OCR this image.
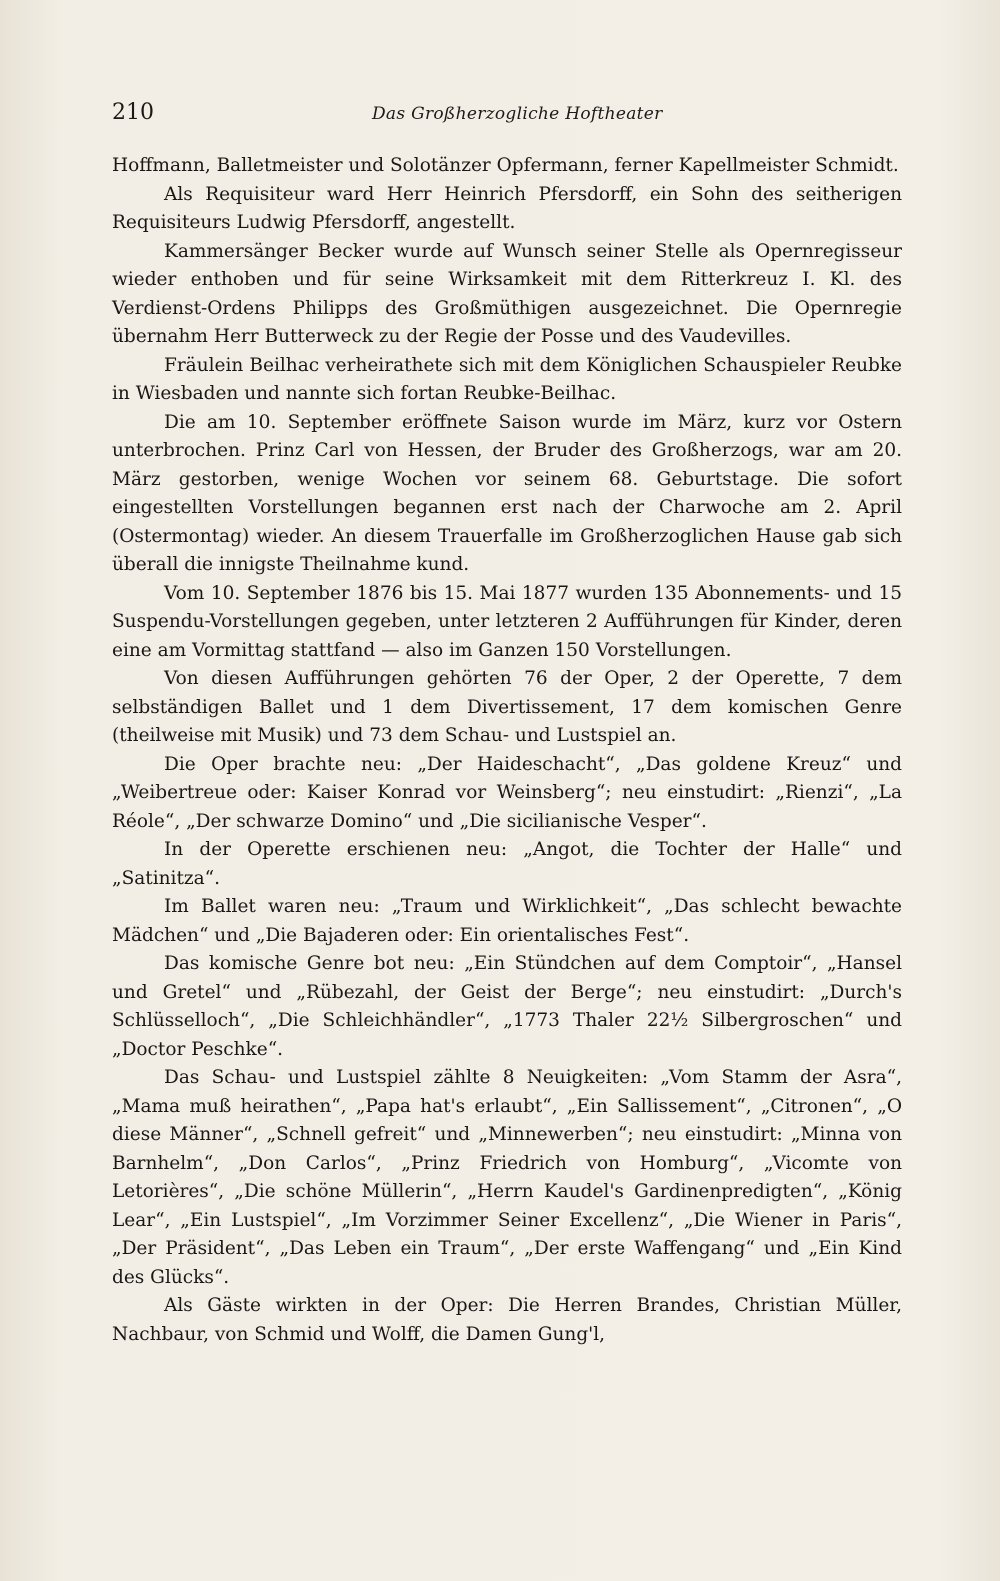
210	Das Großherzogliche Hoftheater

Hoffmann, Balletmeister und Solotänzer Opfermann, ferner Kapellmeister Schmidt.

Als Requisiteur ward Herr Heinrich Pfersdorff, ein Sohn des seitherigen Requisiteurs Ludwig Pfersdorff, angestellt.

Kammersänger Becker wurde auf Wunsch seiner Stelle als Opernregisseur wieder enthoben und für seine Wirksamkeit mit dem Ritterkreuz I. Kl. des Verdienst-Ordens Philipps des Großmüthigen ausgezeichnet. Die Opernregie übernahm Herr Butterweck zu der Regie der Posse und des Vaudevilles.

Fräulein Beilhac verheirathete sich mit dem Königlichen Schauspieler Reubke in Wiesbaden und nannte sich fortan Reubke-Beilhac.

Die am 10. September eröffnete Saison wurde im März, kurz vor Ostern unterbrochen. Prinz Carl von Hessen, der Bruder des Großherzogs, war am 20. März gestorben, wenige Wochen vor seinem 68. Geburtstage. Die sofort eingestellten Vorstellungen begannen erst nach der Charwoche am 2. April (Ostermontag) wieder. An diesem Trauerfalle im Großherzoglichen Hause gab sich überall die innigste Theilnahme kund.

Vom 10. September 1876 bis 15. Mai 1877 wurden 135 Abonnements- und 15 Suspendu-Vorstellungen gegeben, unter letzteren 2 Aufführungen für Kinder, deren eine am Vormittag stattfand — also im Ganzen 150 Vorstellungen.

Von diesen Aufführungen gehörten 76 der Oper, 2 der Operette, 7 dem selbständigen Ballet und 1 dem Divertissement, 17 dem komischen Genre (theilweise mit Musik) und 73 dem Schau- und Lustspiel an.

Die Oper brachte neu: „Der Haideschacht“, „Das goldene Kreuz“ und „Weibertreue oder: Kaiser Konrad vor Weinsberg“; neu einstudirt: „Rienzi“, „La Réole“, „Der schwarze Domino“ und „Die sicilianische Vesper“.

In der Operette erschienen neu: „Angot, die Tochter der Halle“ und „Satinitza“.

Im Ballet waren neu: „Traum und Wirklichkeit“, „Das schlecht bewachte Mädchen“ und „Die Bajaderen oder: Ein orientalisches Fest“.

Das komische Genre bot neu: „Ein Stündchen auf dem Comptoir“, „Hansel und Gretel“ und „Rübezahl, der Geist der Berge“; neu einstudirt: „Durch's Schlüsselloch“, „Die Schleichhändler“, „1773 Thaler 22½ Silbergroschen“ und „Doctor Peschke“.

Das Schau- und Lustspiel zählte 8 Neuigkeiten: „Vom Stamm der Asra“, „Mama muß heirathen“, „Papa hat's erlaubt“, „Ein Sallissement“, „Citronen“, „O diese Männer“, „Schnell gefreit“ und „Minnewerben“; neu einstudirt: „Minna von Barnhelm“, „Don Carlos“, „Prinz Friedrich von Homburg“, „Vicomte von Letorières“, „Die schöne Müllerin“, „Herrn Kaudel's Gardinenpredigten“, „König Lear“, „Ein Lustspiel“, „Im Vorzimmer Seiner Excellenz“, „Die Wiener in Paris“, „Der Präsident“, „Das Leben ein Traum“, „Der erste Waffengang“ und „Ein Kind des Glücks“.

Als Gäste wirkten in der Oper: Die Herren Brandes, Christian Müller, Nachbaur, von Schmid und Wolff, die Damen Gung'l,
